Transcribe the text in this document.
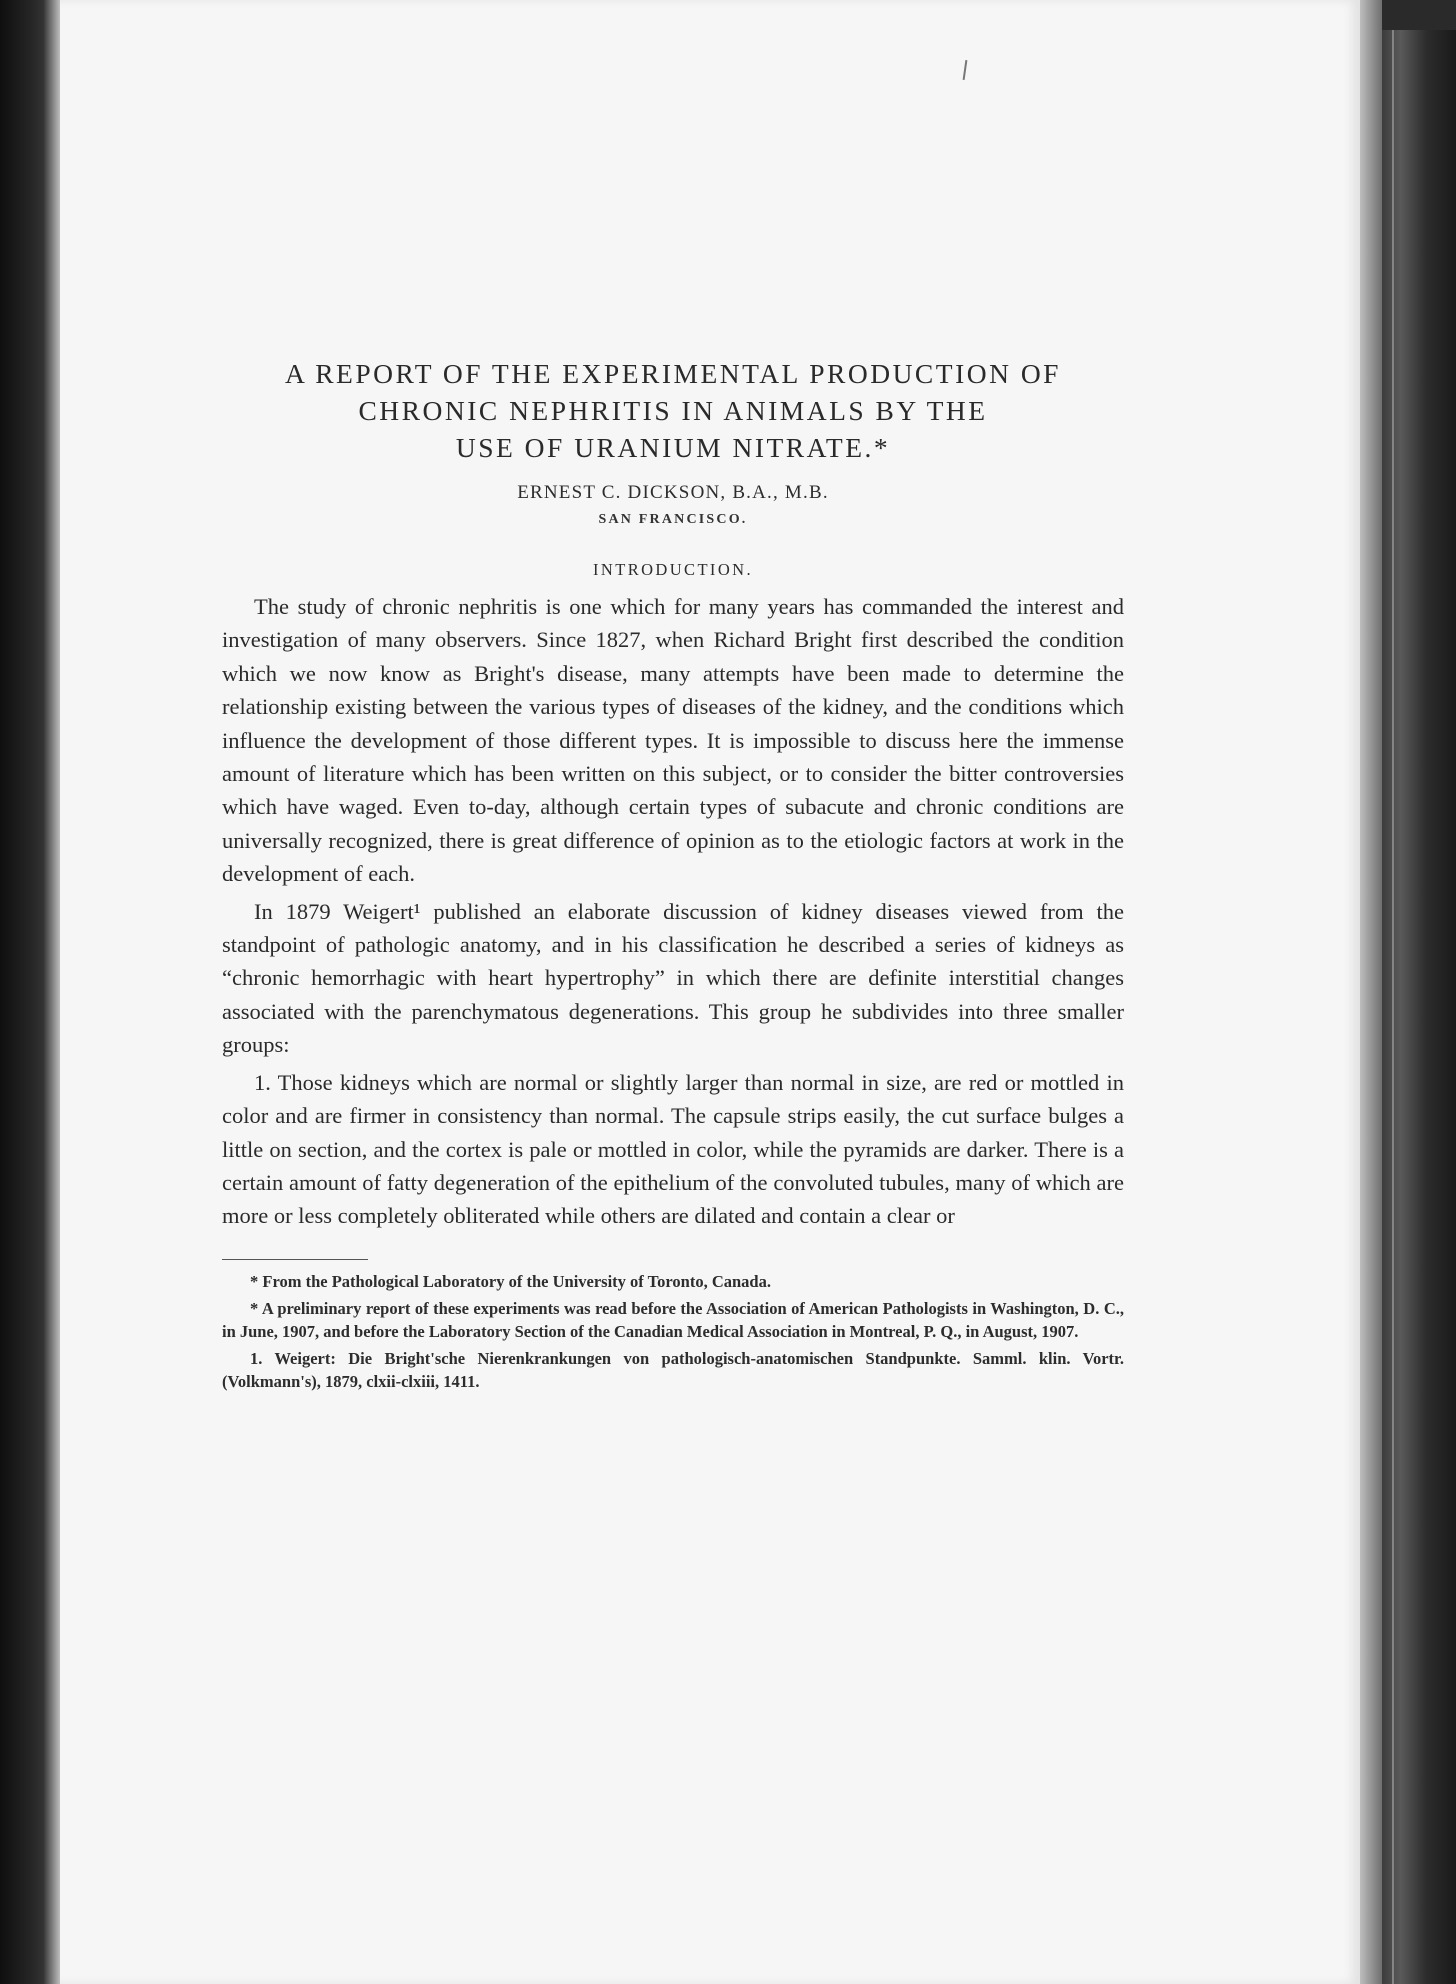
A REPORT OF THE EXPERIMENTAL PRODUCTION OF
CHRONIC NEPHRITIS IN ANIMALS BY THE
USE OF URANIUM NITRATE.*
ERNEST C. DICKSON, B.A., M.B.
SAN FRANCISCO.
INTRODUCTION.

The study of chronic nephritis is one which for many years has commanded the interest and investigation of many observers. Since 1827, when Richard Bright first described the condition which we now know as Bright's disease, many attempts have been made to determine the relationship existing between the various types of diseases of the kidney, and the conditions which influence the development of those different types. It is impossible to discuss here the immense amount of literature which has been written on this subject, or to consider the bitter controversies which have waged. Even to-day, although certain types of subacute and chronic conditions are universally recognized, there is great difference of opinion as to the etiologic factors at work in the development of each.

In 1879 Weigert¹ published an elaborate discussion of kidney diseases viewed from the standpoint of pathologic anatomy, and in his classification he described a series of kidneys as “chronic hemorrhagic with heart hypertrophy” in which there are definite interstitial changes associated with the parenchymatous degenerations. This group he subdivides into three smaller groups:

1. Those kidneys which are normal or slightly larger than normal in size, are red or mottled in color and are firmer in consistency than normal. The capsule strips easily, the cut surface bulges a little on section, and the cortex is pale or mottled in color, while the pyramids are darker. There is a certain amount of fatty degeneration of the epithelium of the convoluted tubules, many of which are more or less completely obliterated while others are dilated and contain a clear or

* From the Pathological Laboratory of the University of Toronto, Canada.

* A preliminary report of these experiments was read before the Association of American Pathologists in Washington, D. C., in June, 1907, and before the Laboratory Section of the Canadian Medical Association in Montreal, P. Q., in August, 1907.

1. Weigert: Die Bright'sche Nierenkrankungen von pathologisch-anatomischen Standpunkte. Samml. klin. Vortr. (Volkmann's), 1879, clxii-clxiii, 1411.
